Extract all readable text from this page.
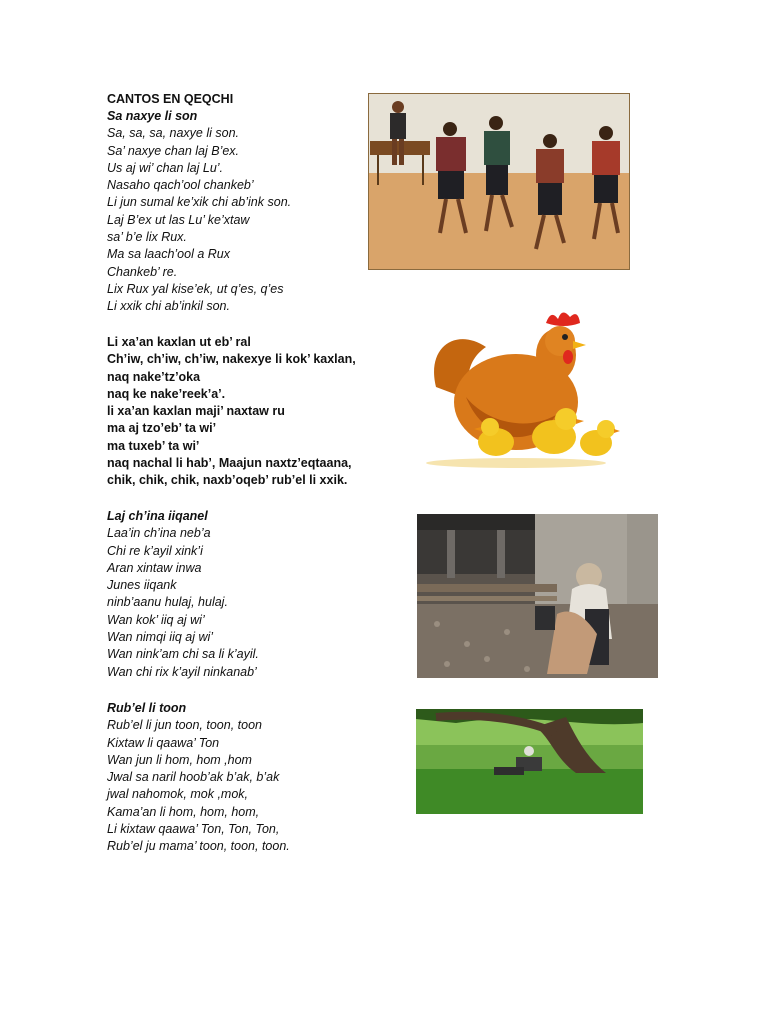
CANTOS EN QEQCHI
Sa naxye li son
Sa, sa, sa, naxye li son.
Sa’ naxye chan laj B’ex.
Us aj wi’ chan laj Lu’.
Nasaho qach’ool chankeb’
Li jun sumal ke’xik chi ab’ink son.
Laj B’ex ut las Lu’ ke’xtaw
sa’ b’e lix Rux.
Ma sa laach’ool a Rux
Chankeb’ re.
Lix Rux yal kise’ek, ut q’es, q’es
Li xxik chi ab’inkil son.
Li xa’an kaxlan ut eb’ ral
Ch’iw, ch’iw, ch’iw, nakexye li kok’ kaxlan,
naq nake’tz’oka
naq ke nake’reek’a’.
li xa’an kaxlan maji’ naxtaw ru
ma aj tzo’eb’ ta wi’
ma tuxeb’ ta wi’
naq nachal li hab’, Maajun naxtz’eqtaana,
chik, chik, chik, naxb’oqeb’ rub’el li xxik.
Laj ch’ina iiqanel
Laa’in ch’ina neb’a
Chi re k’ayil xink’i
Aran xintaw inwa
Junes iiqank
ninb’aanu hulaj, hulaj.
Wan kok’ iiq aj wi’
Wan nimqi iiq aj wi’
Wan nink’am chi sa li k’ayil.
Wan chi rix k’ayil ninkanab’
Rub’el li toon
Rub’el li jun toon, toon, toon
Kixtaw li qaawa’ Ton
Wan jun li hom, hom ,hom
Jwal sa naril hoob’ak b’ak, b’ak
jwal nahomok, mok ,mok,
Kama’an li hom, hom, hom,
Li kixtaw qaawa’ Ton, Ton, Ton,
Rub’el ju mama’ toon, toon, toon.
